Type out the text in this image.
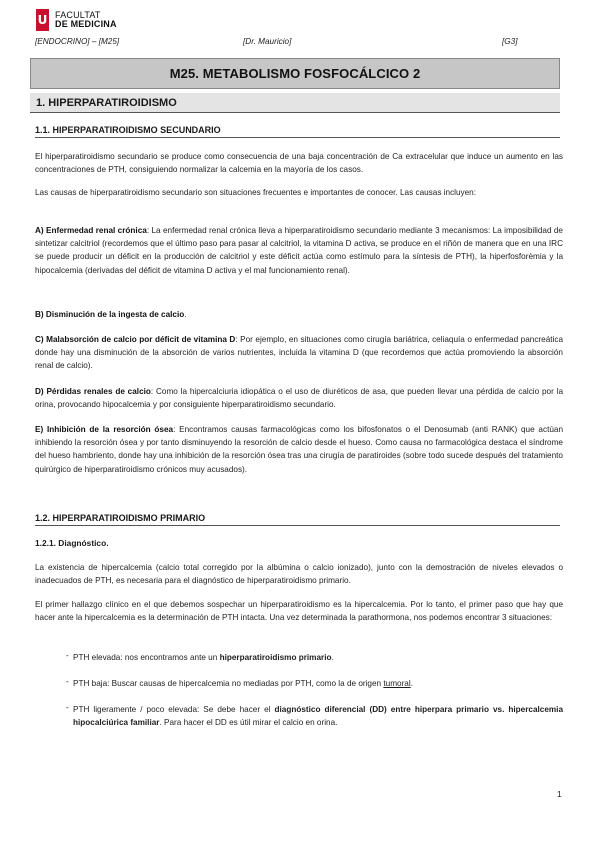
U FACULTAT
DE MEDICINA
[ENDOCRINO] – [M25]	[Dr. Mauricio]	[G3]
M25. METABOLISMO FOSFOCÁLCICO 2
1. HIPERPARATIROIDISMO
1.1. HIPERPARATIROIDISMO SECUNDARIO
El hiperparatiroidismo secundario se produce como consecuencia de una baja concentración de Ca extracelular que induce un aumento en las concentraciones de PTH, consiguiendo normalizar la calcemia en la mayoría de los casos.
Las causas de hiperparatiroidismo secundario son situaciones frecuentes e importantes de conocer. Las causas incluyen:
A) Enfermedad renal crónica: La enfermedad renal crónica lleva a hiperparatiroidismo secundario mediante 3 mecanismos: La imposibilidad de sintetizar calcitriol (recordemos que el último paso para pasar al calcitriol, la vitamina D activa, se produce en el riñón de manera que en una IRC se puede producir un déficit en la producción de calcitriol y este déficit actúa como estímulo para la síntesis de PTH), la hiperfosforèmia y la hipocalcemia (derivadas del déficit de vitamina D activa y el mal funcionamiento renal).
B) Disminución de la ingesta de calcio.
C) Malabsorción de calcio por déficit de vitamina D: Por ejemplo, en situaciones como cirugía bariátrica, celiaquía o enfermedad pancreática donde hay una disminución de la absorción de varios nutrientes, incluida la vitamina D (que recordemos que actúa promoviendo la absorción renal de calcio).
D) Pérdidas renales de calcio: Como la hipercalciuria idiopática o el uso de diuréticos de asa, que pueden llevar una pérdida de calcio por la orina, provocando hipocalcemia y por consiguiente hiperparatiroidismo secundario.
E) Inhibición de la resorción ósea: Encontramos causas farmacológicas como los bifosfonatos o el Denosumab (anti RANK) que actúan inhibiendo la resorción ósea y por tanto disminuyendo la resorción de calcio desde el hueso. Como causa no farmacológica destaca el síndrome del hueso hambriento, donde hay una inhibición de la resorción ósea tras una cirugía de paratiroides (sobre todo sucede después del tratamiento quirúrgico de hiperparatiroidismo crónicos muy acusados).
1.2. HIPERPARATIROIDISMO PRIMARIO
1.2.1. Diagnóstico.
La existencia de hipercalcemia (calcio total corregido por la albúmina o calcio ionizado), junto con la demostración de niveles elevados o inadecuados de PTH, es necesaria para el diagnóstico de hiperparatiroidismo primario.
El primer hallazgo clínico en el que debemos sospechar un hiperparatiroidismo es la hipercalcemia. Por lo tanto, el primer paso que hay que hacer ante la hipercalcemia es la determinación de PTH intacta. Una vez determinada la parathormona, nos podemos encontrar 3 situaciones:
- PTH elevada: nos encontramos ante un hiperparatiroidismo primario.
- PTH baja: Buscar causas de hipercalcemia no mediadas por PTH, como la de origen tumoral.
- PTH ligeramente / poco elevada: Se debe hacer el diagnóstico diferencial (DD) entre hiperpara primario vs. hipercalcemia hipocalciúrica familiar. Para hacer el DD es útil mirar el calcio en orina.
1
